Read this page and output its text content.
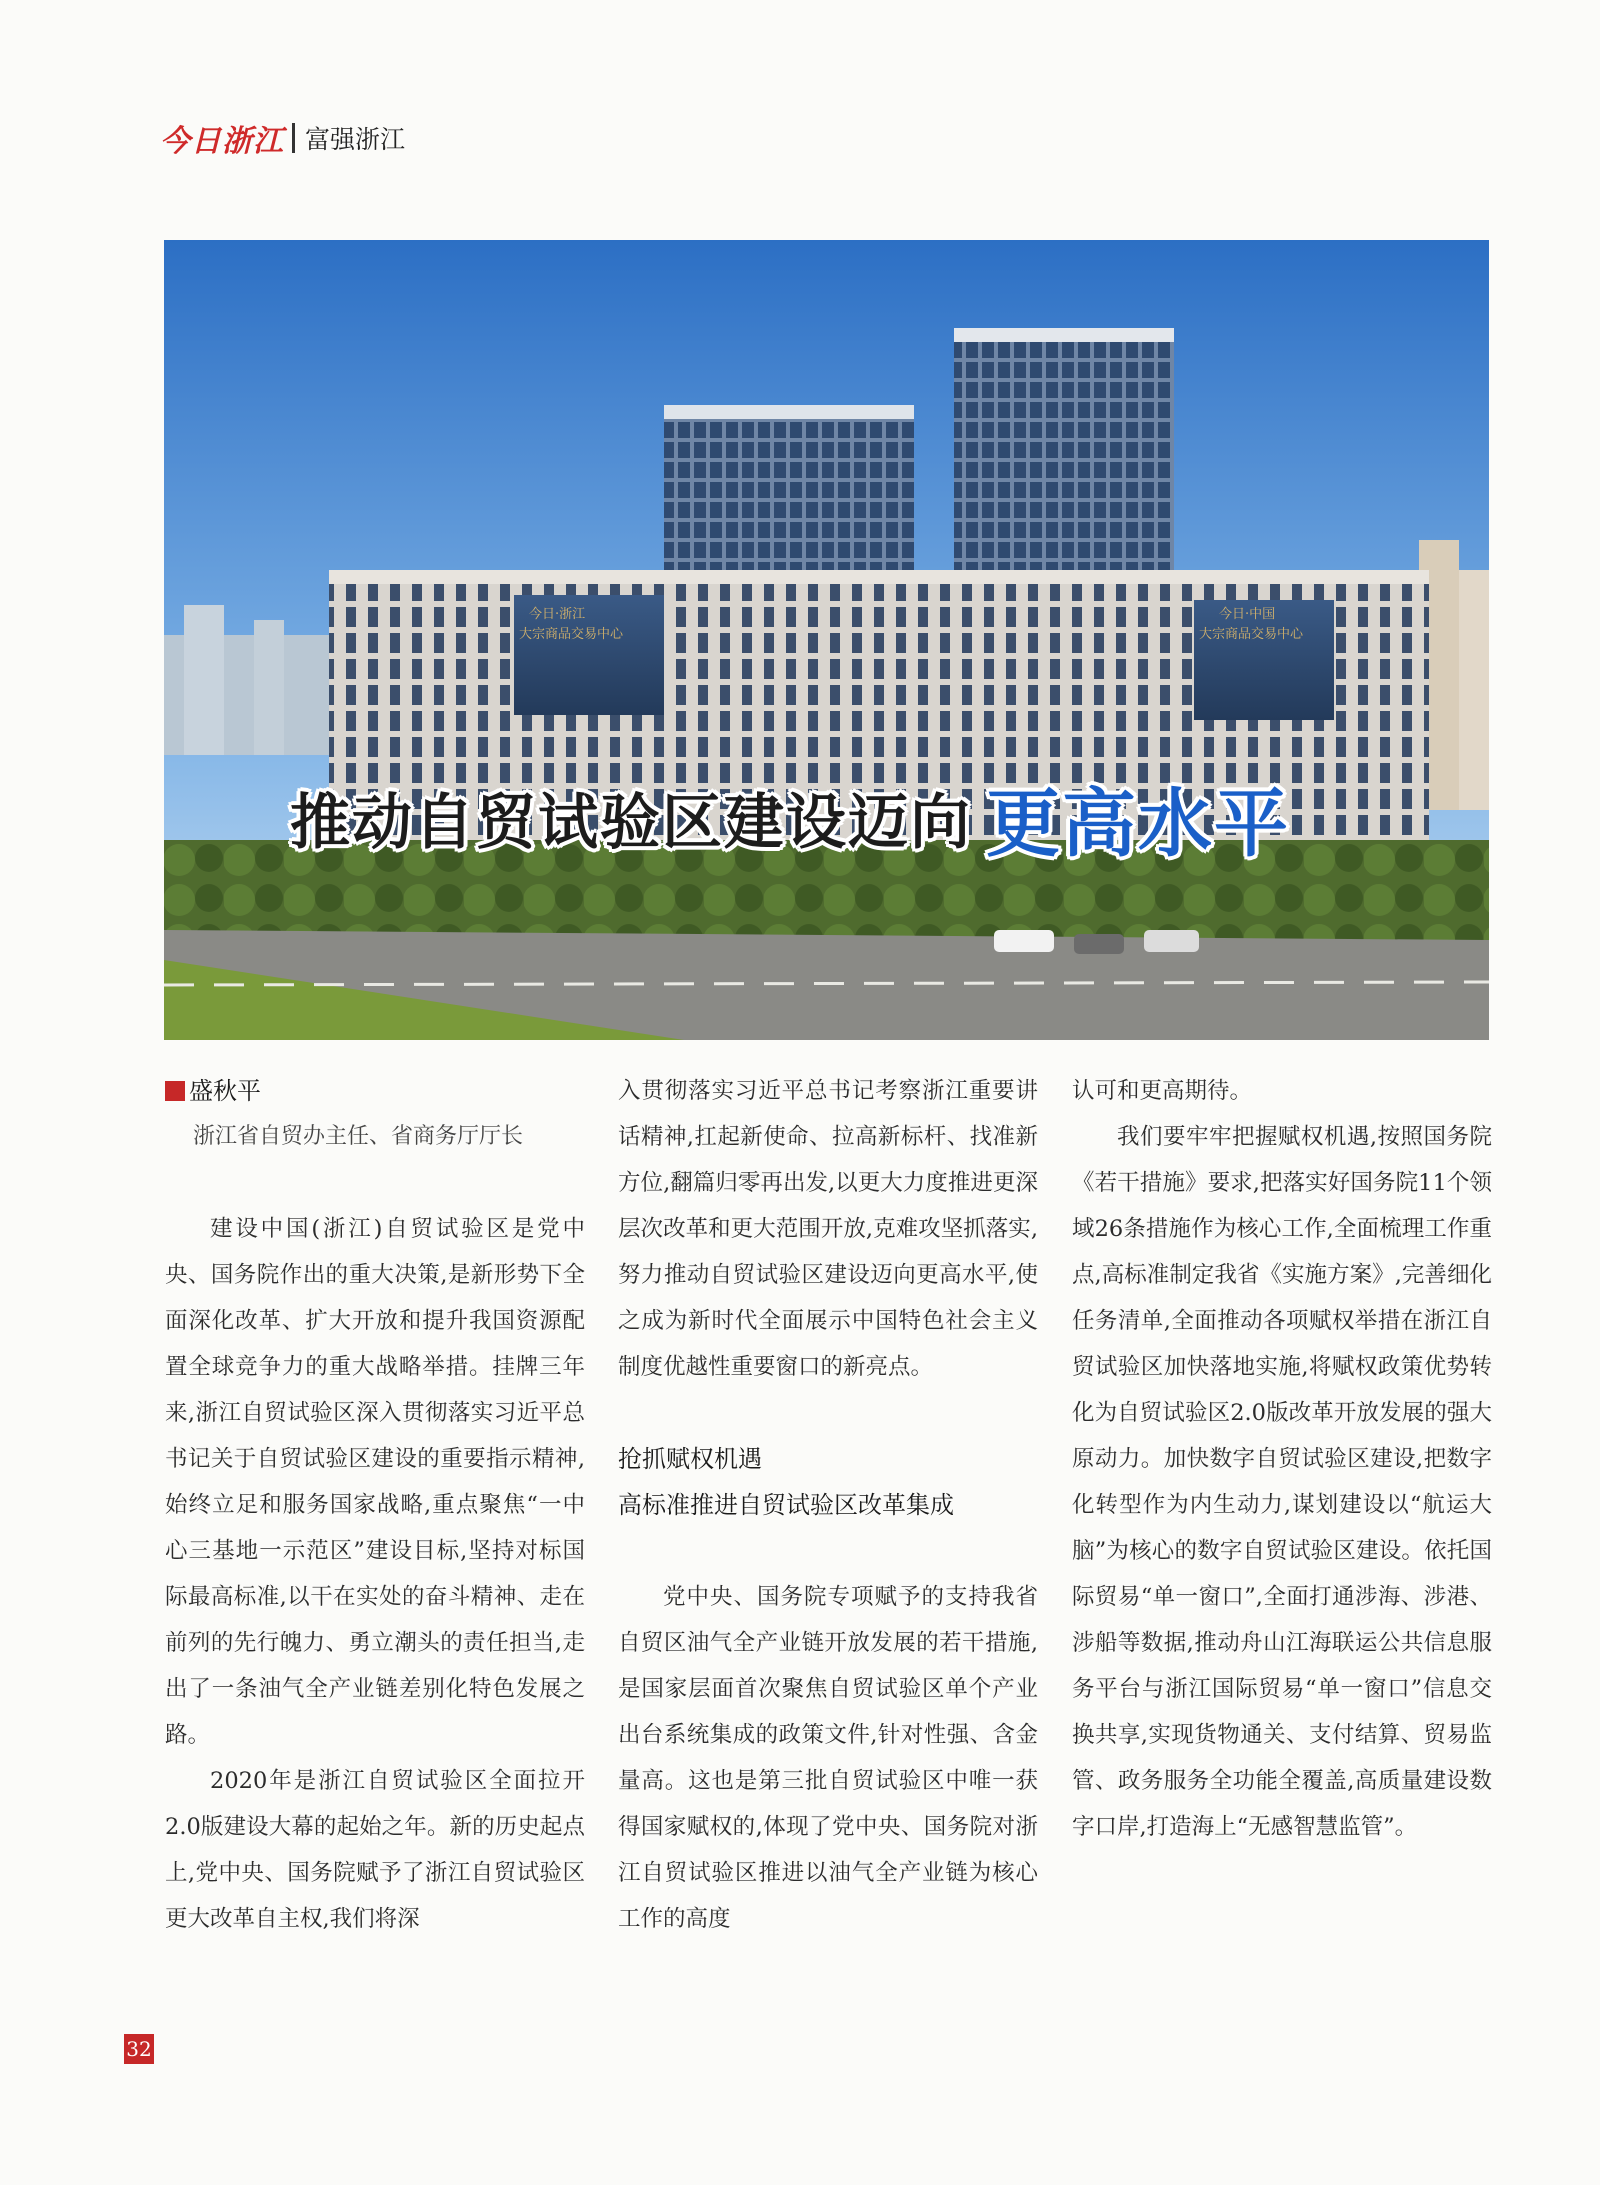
今日浙江 富强浙江
今日·浙江
大宗商品交易中心
今日·中国
大宗商品交易中心
推动自贸试验区建设迈向 更高水平

盛秋平

浙江省自贸办主任、省商务厅厅长

建设中国(浙江)自贸试验区是党中央、国务院作出的重大决策,是新形势下全面深化改革、扩大开放和提升我国资源配置全球竞争力的重大战略举措。挂牌三年来,浙江自贸试验区深入贯彻落实习近平总书记关于自贸试验区建设的重要指示精神,始终立足和服务国家战略,重点聚焦“一中心三基地一示范区”建设目标,坚持对标国际最高标准,以干在实处的奋斗精神、走在前列的先行魄力、勇立潮头的责任担当,走出了一条油气全产业链差别化特色发展之路。

2020年是浙江自贸试验区全面拉开2.0版建设大幕的起始之年。新的历史起点上,党中央、国务院赋予了浙江自贸试验区更大改革自主权,我们将深

入贯彻落实习近平总书记考察浙江重要讲话精神,扛起新使命、拉高新标杆、找准新方位,翻篇归零再出发,以更大力度推进更深层次改革和更大范围开放,克难攻坚抓落实,努力推动自贸试验区建设迈向更高水平,使之成为新时代全面展示中国特色社会主义制度优越性重要窗口的新亮点。

抢抓赋权机遇

高标准推进自贸试验区改革集成

党中央、国务院专项赋予的支持我省自贸区油气全产业链开放发展的若干措施,是国家层面首次聚焦自贸试验区单个产业出台系统集成的政策文件,针对性强、含金量高。这也是第三批自贸试验区中唯一获得国家赋权的,体现了党中央、国务院对浙江自贸试验区推进以油气全产业链为核心工作的高度

认可和更高期待。

我们要牢牢把握赋权机遇,按照国务院《若干措施》要求,把落实好国务院11个领域26条措施作为核心工作,全面梳理工作重点,高标准制定我省《实施方案》,完善细化任务清单,全面推动各项赋权举措在浙江自贸试验区加快落地实施,将赋权政策优势转化为自贸试验区2.0版改革开放发展的强大原动力。加快数字自贸试验区建设,把数字化转型作为内生动力,谋划建设以“航运大脑”为核心的数字自贸试验区建设。依托国际贸易“单一窗口”,全面打通涉海、涉港、涉船等数据,推动舟山江海联运公共信息服务平台与浙江国际贸易“单一窗口”信息交换共享,实现货物通关、支付结算、贸易监管、政务服务全功能全覆盖,高质量建设数字口岸,打造海上“无感智慧监管”。

32
